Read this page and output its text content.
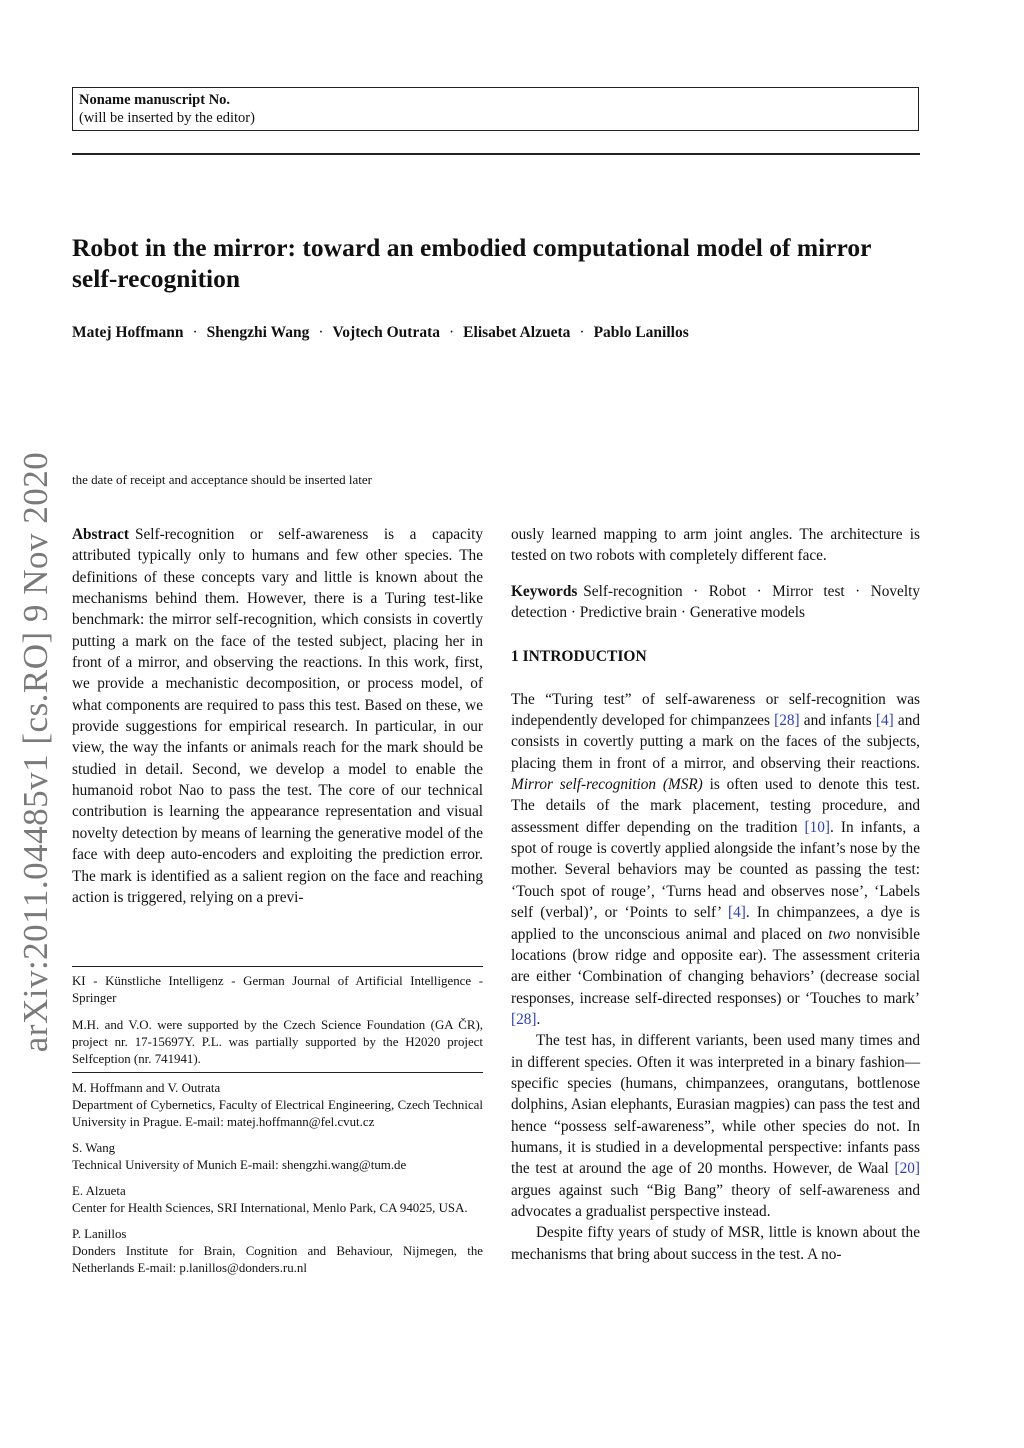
Noname manuscript No.
(will be inserted by the editor)
Robot in the mirror: toward an embodied computational model of mirror self-recognition
Matej Hoffmann · Shengzhi Wang · Vojtech Outrata · Elisabet Alzueta · Pablo Lanillos
the date of receipt and acceptance should be inserted later
arXiv:2011.04485v1 [cs.RO] 9 Nov 2020 Abstract Self-recognition or self-awareness is a capacity attributed typically only to humans and few other species. The definitions of these concepts vary and little is known about the mechanisms behind them. However, there is a Turing test-like benchmark: the mirror self-recognition, which consists in covertly putting a mark on the face of the tested subject, placing her in front of a mirror, and observing the reactions. In this work, first, we provide a mechanistic decomposition, or process model, of what components are required to pass this test. Based on these, we provide suggestions for empirical research. In particular, in our view, the way the infants or animals reach for the mark should be studied in detail. Second, we develop a model to enable the humanoid robot Nao to pass the test. The core of our technical contribution is learning the appearance representation and visual novelty detection by means of learning the generative model of the face with deep auto-encoders and exploiting the prediction error. The mark is identified as a salient region on the face and reaching action is triggered, relying on a previ-

KI - Künstliche Intelligenz - German Journal of Artificial Intelligence - Springer

M.H. and V.O. were supported by the Czech Science Foundation (GA ČR), project nr. 17-15697Y. P.L. was partially supported by the H2020 project Selfception (nr. 741941).

M. Hoffmann and V. Outrata

Department of Cybernetics, Faculty of Electrical Engineering, Czech Technical University in Prague. E-mail: matej.hoffmann@fel.cvut.cz

S. Wang

Technical University of Munich E-mail: shengzhi.wang@tum.de

E. Alzueta

Center for Health Sciences, SRI International, Menlo Park, CA 94025, USA.

P. Lanillos

Donders Institute for Brain, Cognition and Behaviour, Nijmegen, the Netherlands E-mail: p.lanillos@donders.ru.nl

ously learned mapping to arm joint angles. The architecture is tested on two robots with completely different face.

Keywords Self-recognition · Robot · Mirror test · Novelty detection · Predictive brain · Generative models

1 INTRODUCTION

The “Turing test” of self-awareness or self-recognition was independently developed for chimpanzees [28] and infants [4] and consists in covertly putting a mark on the faces of the subjects, placing them in front of a mirror, and observing their reactions. Mirror self-recognition (MSR) is often used to denote this test. The details of the mark placement, testing procedure, and assessment differ depending on the tradition [10]. In infants, a spot of rouge is covertly applied alongside the infant’s nose by the mother. Several behaviors may be counted as passing the test: ‘Touch spot of rouge’, ‘Turns head and observes nose’, ‘Labels self (verbal)’, or ‘Points to self’ [4]. In chimpanzees, a dye is applied to the unconscious animal and placed on two nonvisible locations (brow ridge and opposite ear). The assessment criteria are either ‘Combination of changing behaviors’ (decrease social responses, increase self-directed responses) or ‘Touches to mark’ [28].

The test has, in different variants, been used many times and in different species. Often it was interpreted in a binary fashion—specific species (humans, chimpanzees, orangutans, bottlenose dolphins, Asian elephants, Eurasian magpies) can pass the test and hence “possess self-awareness”, while other species do not. In humans, it is studied in a developmental perspective: infants pass the test at around the age of 20 months. However, de Waal [20] argues against such “Big Bang” theory of self-awareness and advocates a gradualist perspective instead.

Despite fifty years of study of MSR, little is known about the mechanisms that bring about success in the test. A no-
